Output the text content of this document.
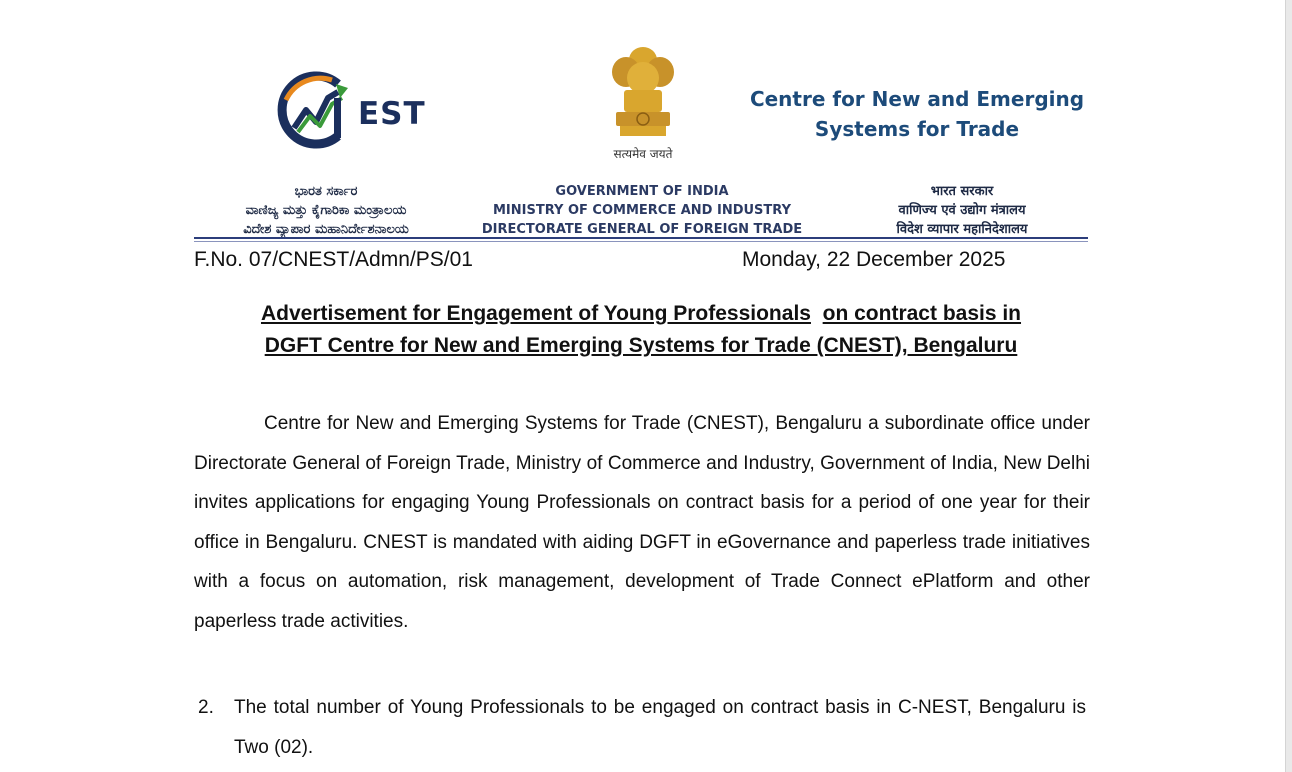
EST
सत्यमेव जयते
Centre for New and Emerging
Systems for Trade
ಭಾರತ ಸರ್ಕಾರ
ವಾಣಿಜ್ಯ ಮತ್ತು ಕೈಗಾರಿಕಾ ಮಂತ್ರಾಲಯ
ವಿದೇಶ ವ್ಯಾಪಾರ ಮಹಾನಿರ್ದೇಶನಾಲಯ
GOVERNMENT OF INDIA
MINISTRY OF COMMERCE AND INDUSTRY
DIRECTORATE GENERAL OF FOREIGN TRADE
भारत सरकार
वाणिज्य एवं उद्योग मंत्रालय
विदेश व्यापार महानिदेशालय
F.No. 07/CNEST/Admn/PS/01	Monday, 22 December 2025
Advertisement for Engagement of Young Professionals on contract basis in
DGFT Centre for New and Emerging Systems for Trade (CNEST), Bengaluru
Centre for New and Emerging Systems for Trade (CNEST), Bengaluru a subordinate office under Directorate General of Foreign Trade, Ministry of Commerce and Industry, Government of India, New Delhi invites applications for engaging Young Professionals on contract basis for a period of one year for their office in Bengaluru. CNEST is mandated with aiding DGFT in eGovernance and paperless trade initiatives with a focus on automation, risk management, development of Trade Connect ePlatform and other paperless trade activities.
2. The total number of Young Professionals to be engaged on contract basis in C-NEST, Bengaluru is Two (02).
